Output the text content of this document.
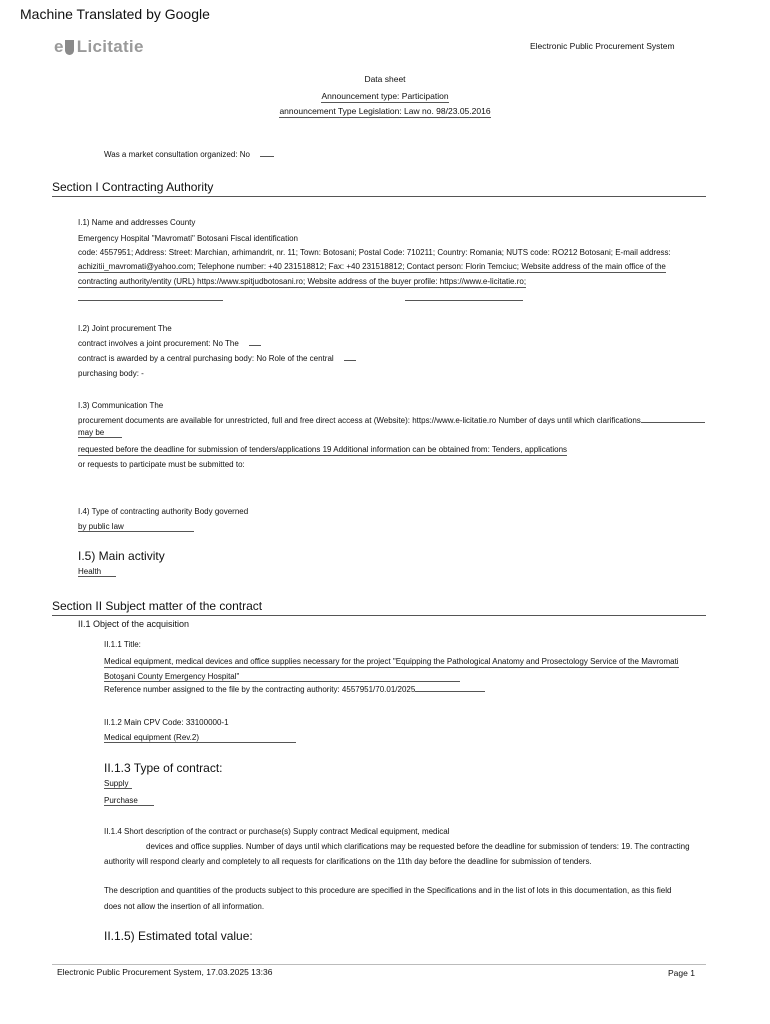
Machine Translated by Google
e Licitatie	Electronic Public Procurement System
Data sheet
Announcement type: Participation
announcement Type Legislation: Law no. 98/23.05.2016
Was a market consultation organized: No
Section I Contracting Authority
I.1) Name and addresses County
Emergency Hospital "Mavromati" Botosani Fiscal identification
code: 4557951; Address: Street: Marchian, arhimandrit, nr. 11; Town: Botosani; Postal Code: 710211; Country: Romania; NUTS code: RO212 Botosani; E-mail address:
achizitii_mavromati@yahoo.com; Telephone number: +40 231518812; Fax: +40 231518812; Contact person: Florin Temciuc; Website address of the main office of the
contracting authority/entity (URL) https://www.spitjudbotosani.ro; Website address of the buyer profile: https://www.e-licitatie.ro;
I.2) Joint procurement The
contract involves a joint procurement: No The
contract is awarded by a central purchasing body: No Role of the central
purchasing body: -
I.3) Communication The
procurement documents are available for unrestricted, full and free direct access at (Website): https://www.e-licitatie.ro Number of days until which clarifications
may be
requested before the deadline for submission of tenders/applications 19 Additional information can be obtained from: Tenders, applications
or requests to participate must be submitted to:
I.4) Type of contracting authority Body governed
by public law
I.5) Main activity
Health
Section II Subject matter of the contract
II.1 Object of the acquisition
II.1.1 Title:
Medical equipment, medical devices and office supplies necessary for the project "Equipping the Pathological Anatomy and Prosectology Service of the Mavromati
Botoşani County Emergency Hospital"
Reference number assigned to the file by the contracting authority: 4557951/70.01/2025
II.1.2 Main CPV Code: 33100000-1
Medical equipment (Rev.2)
II.1.3 Type of contract:
Supply
Purchase
II.1.4 Short description of the contract or purchase(s) Supply contract Medical equipment, medical
devices and office supplies. Number of days until which clarifications may be requested before the deadline for submission of tenders: 19. The contracting
authority will respond clearly and completely to all requests for clarifications on the 11th day before the deadline for submission of tenders.
The description and quantities of the products subject to this procedure are specified in the Specifications and in the list of lots in this documentation, as this field
does not allow the insertion of all information.
II.1.5) Estimated total value:
Electronic Public Procurement System, 17.03.2025 13:36	Page 1
